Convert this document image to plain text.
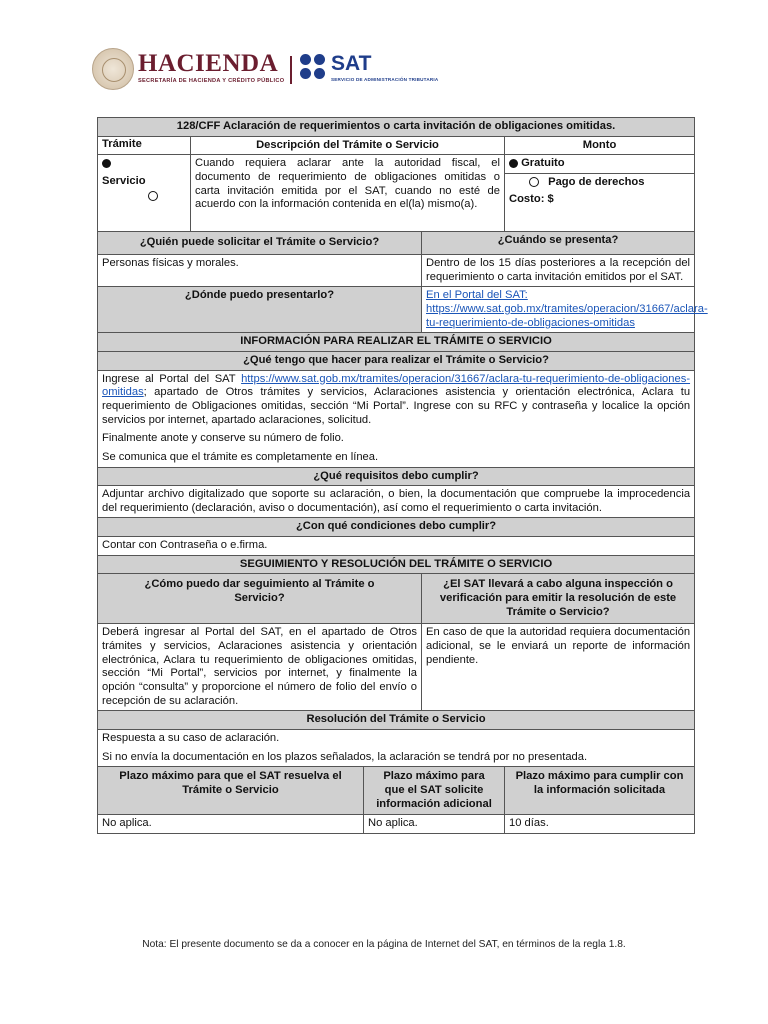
HACIENDA
SECRETARÍA DE HACIENDA Y CRÉDITO PÚBLICO
SAT
SERVICIO DE ADMINISTRACIÓN TRIBUTARIA
128/CFF Aclaración de requerimientos o carta invitación de obligaciones omitidas.				
Trámite	Descripción del Trámite o Servicio			Monto

Servicio	Cuando requiera aclarar ante la autoridad fiscal, el documento de requerimiento de obligaciones omitidas o carta invitación emitida por el SAT, cuando no esté de acuerdo con la información contenida en el(la) mismo(a).			Gratuito

				Pago de derechos
Costo: $

¿Quién puede solicitar el Trámite o Servicio?			¿Cuándo se presenta?	
Personas físicas y morales.			Dentro de los 15 días posteriores a la recepción del requerimiento o carta invitación emitidos por el SAT.	
¿Dónde puedo presentarlo?			En el Portal del SAT:
https://www.sat.gob.mx/tramites/operacion/31667/aclara-tu-requerimiento-de-obligaciones-omitidas	

INFORMACIÓN PARA REALIZAR EL TRÁMITE O SERVICIO				
¿Qué tengo que hacer para realizar el Trámite o Servicio?				

Ingrese al Portal del SAT https://www.sat.gob.mx/tramites/operacion/31667/aclara-tu-requerimiento-de-obligaciones-omitidas; apartado de Otros trámites y servicios, Aclaraciones asistencia y orientación electrónica, Aclara tu requerimiento de Obligaciones omitidas, sección “Mi Portal”. Ingrese con su RFC y contraseña y localice la opción servicios por internet, apartado aclaraciones, solicitud.

Finalmente anote y conserve su número de folio.

Se comunica que el trámite es completamente en línea.				

¿Qué requisitos debo cumplir?				
Adjuntar archivo digitalizado que soporte su aclaración, o bien, la documentación que compruebe la improcedencia del requerimiento (declaración, aviso o documentación), así como el requerimiento o carta invitación.				
¿Con qué condiciones debo cumplir?				
Contar con Contraseña o e.firma.				
SEGUIMIENTO Y RESOLUCIÓN DEL TRÁMITE O SERVICIO				
¿Cómo puedo dar seguimiento al Trámite o Servicio?			¿El SAT llevará a cabo alguna inspección o verificación para emitir la resolución de este Trámite o Servicio?	
Deberá ingresar al Portal del SAT, en el apartado de Otros trámites y servicios, Aclaraciones asistencia y orientación electrónica, Aclara tu requerimiento de obligaciones omitidas, sección “Mi Portal”, servicios por internet, y finalmente la opción “consulta” y proporcione el número de folio del envío o recepción de su aclaración.			En caso de que la autoridad requiera documentación adicional, se le enviará un reporte de información pendiente.	
Resolución del Trámite o Servicio				

Respuesta a su caso de aclaración.

Si no envía la documentación en los plazos señalados, la aclaración se tendrá por no presentada.				

Plazo máximo para que el SAT resuelva el Trámite o Servicio		Plazo máximo para que el SAT solicite información adicional		Plazo máximo para cumplir con la información solicitada
No aplica.		No aplica.		10 días.
Nota: El presente documento se da a conocer en la página de Internet del SAT, en términos de la regla 1.8.
